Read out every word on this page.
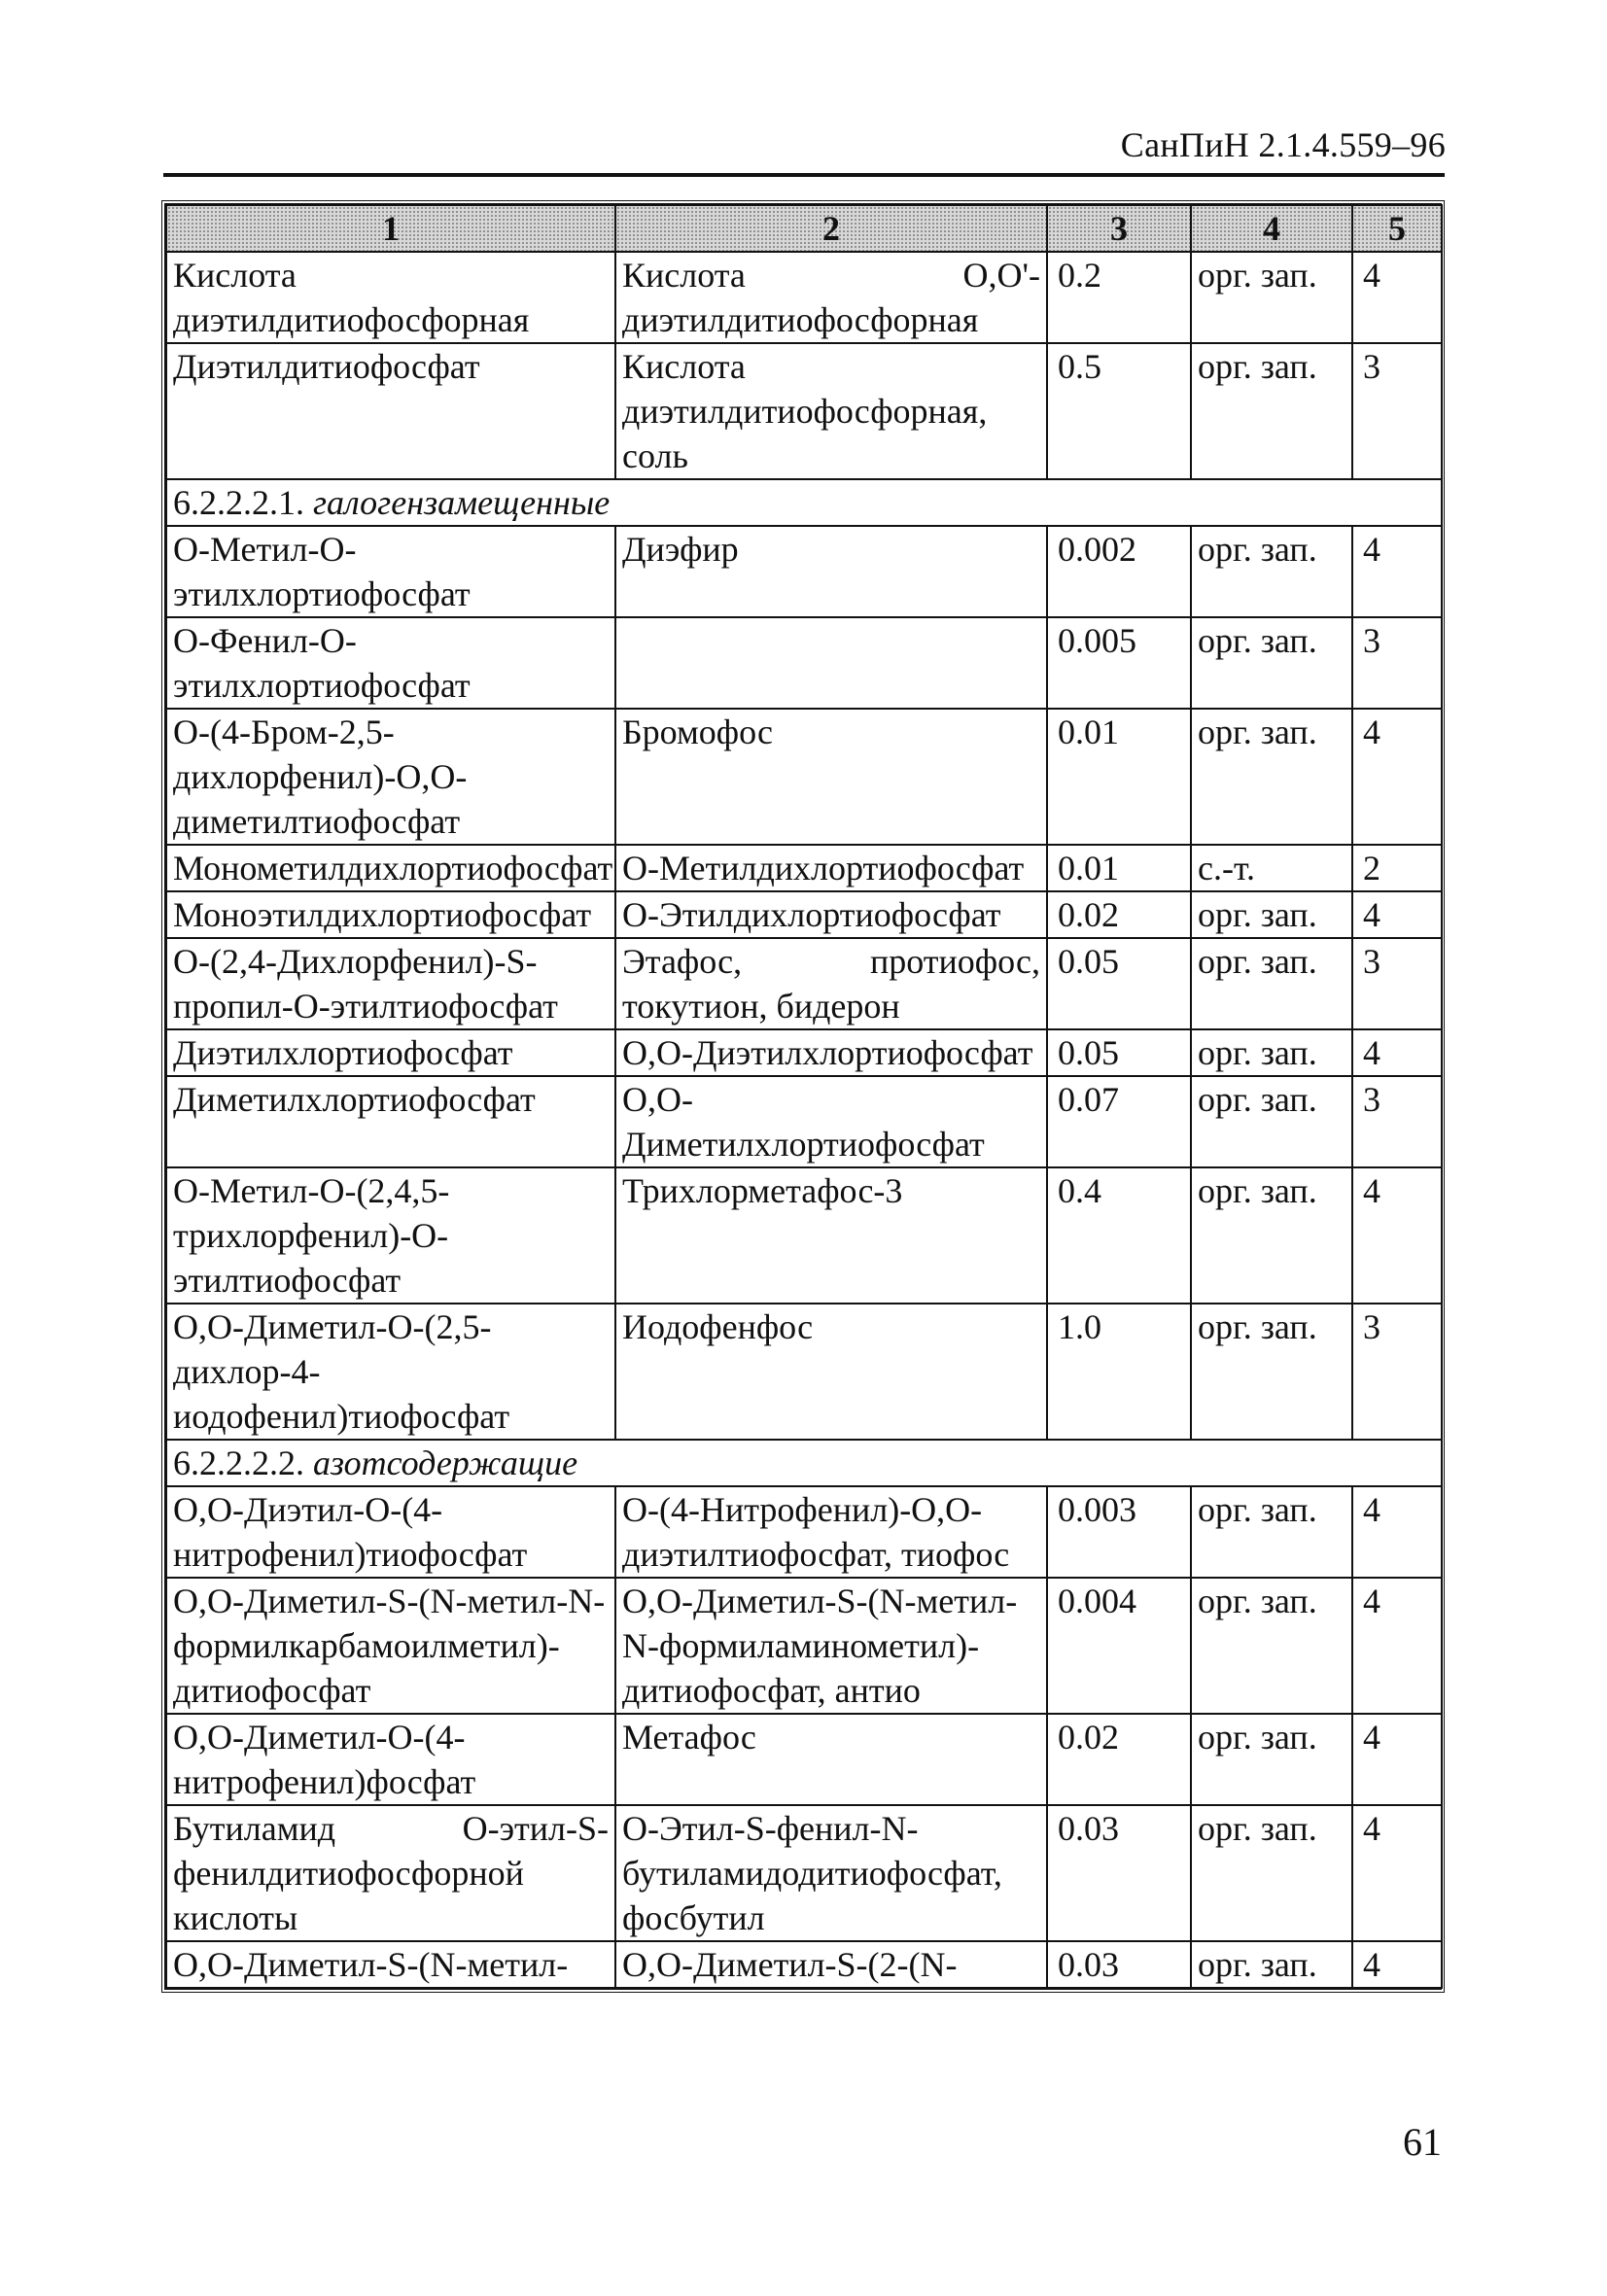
СанПиН 2.1.4.559–96
1	2	3	4	5
Кислота диэтилдитиофосфорная	Кислота О,О'-диэтилдитиофосфорная	0.2	орг. зап.	4
Диэтилдитиофосфат	Кислота диэтилдитиофосфорная, соль	0.5	орг. зап.	3
6.2.2.2.1. галогензамещенные				
О-Метил-О-этилхлортиофосфат	Диэфир	0.002	орг. зап.	4
О-Фенил-О-этилхлортиофосфат		0.005	орг. зап.	3
О-(4-Бром-2,5-дихлорфенил)-О,О-диметилтиофосфат	Бромофос	0.01	орг. зап.	4
Монометилдихлортиофосфат	О-Метилдихлортиофосфат	0.01	с.-т.	2
Моноэтилдихлортиофосфат	О-Этилдихлортиофосфат	0.02	орг. зап.	4
О-(2,4-Дихлорфенил)-S-пропил-О-этилтиофосфат	Этафос, протиофос, токутион, бидерон	0.05	орг. зап.	3
Диэтилхлортиофосфат	О,О-Диэтилхлортиофосфат	0.05	орг. зап.	4
Диметилхлортиофосфат	О,О-Диметилхлортиофосфат	0.07	орг. зап.	3
О-Метил-О-(2,4,5-трихлорфенил)-О-этилтиофосфат	Трихлорметафос-3	0.4	орг. зап.	4
О,О-Диметил-О-(2,5-дихлор-4-иодофенил)тиофосфат	Иодофенфос	1.0	орг. зап.	3
6.2.2.2.2. азотсодержащие				
О,О-Диэтил-О-(4-нитрофенил)тиофосфат	О-(4-Нитрофенил)-О,О-диэтилтиофосфат, тиофос	0.003	орг. зап.	4
О,О-Диметил-S-(N-метил-N-формилкарбамоилметил)- дитиофосфат	О,О-Диметил-S-(N-метил-N-формиламинометил)-дитиофосфат, антио	0.004	орг. зап.	4
О,О-Диметил-О-(4-нитрофенил)фосфат	Метафос	0.02	орг. зап.	4
Бутиламид О-этил-S-фенилдитиофосфорной кислоты	О-Этил-S-фенил-N-бутиламидодитиофосфат, фосбутил	0.03	орг. зап.	4
О,О-Диметил-S-(N-метил-	О,О-Диметил-S-(2-(N-	0.03	орг. зап.	4
61
